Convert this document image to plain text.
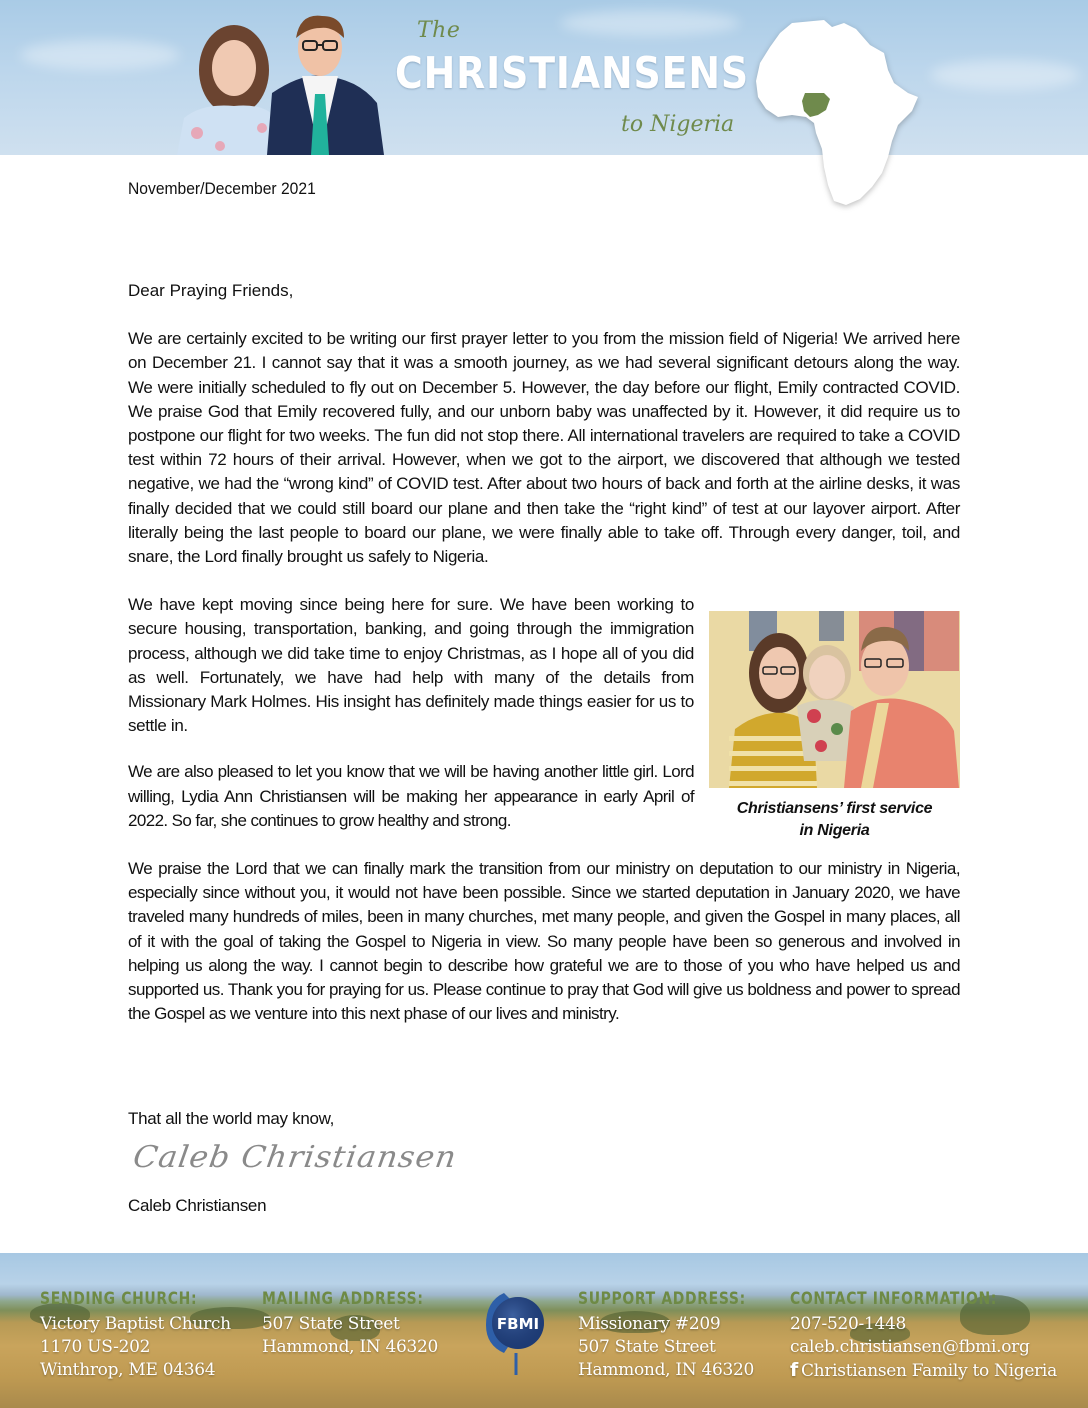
The
CHRISTIANSENS
to Nigeria
November/December 2021

Dear Praying Friends,

We are certainly excited to be writing our first prayer letter to you from the mission field of Nigeria! We arrived here on December 21. I cannot say that it was a smooth journey, as we had several significant detours along the way. We were initially scheduled to fly out on December 5. However, the day before our flight, Emily contracted COVID. We praise God that Emily recovered fully, and our unborn baby was unaffected by it. However, it did require us to postpone our flight for two weeks. The fun did not stop there. All international travelers are required to take a COVID test within 72 hours of their arrival. However, when we got to the airport, we discovered that although we tested negative, we had the “wrong kind” of COVID test. After about two hours of back and forth at the airline desks, it was finally decided that we could still board our plane and then take the “right kind” of test at our layover airport. After literally being the last people to board our plane, we were finally able to take off. Through every danger, toil, and snare, the Lord finally brought us safely to Nigeria.

We have kept moving since being here for sure. We have been working to secure housing, transportation, banking, and going through the immigration process, although we did take time to enjoy Christmas, as I hope all of you did as well. Fortunately, we have had help with many of the details from Missionary Mark Holmes. His insight has definitely made things easier for us to settle in.

We are also pleased to let you know that we will be having another little girl. Lord willing, Lydia Ann Christiansen will be making her appearance in early April of 2022. So far, she continues to grow healthy and strong.

We praise the Lord that we can finally mark the transition from our ministry on deputation to our ministry in Nigeria, especially since without you, it would not have been possible. Since we started deputation in January 2020, we have traveled many hundreds of miles, been in many churches, met many people, and given the Gospel in many places, all of it with the goal of taking the Gospel to Nigeria in view. So many people have been so generous and involved in helping us along the way. I cannot begin to describe how grateful we are to those of you who have helped us and supported us. Thank you for praying for us. Please continue to pray that God will give us boldness and power to spread the Gospel as we venture into this next phase of our lives and ministry.

Christiansens’ first service
in Nigeria
That all the world may know,
Caleb Christiansen
Caleb Christiansen
SENDING CHURCH:
Victory Baptist Church
1170 US-202
Winthrop, ME 04364
MAILING ADDRESS:
507 State Street
Hammond, IN 46320
FBMI
SUPPORT ADDRESS:
Missionary #209
507 State Street
Hammond, IN 46320
CONTACT INFORMATION:
207-520-1448
caleb.christiansen@fbmi.org
f Christiansen Family to Nigeria
